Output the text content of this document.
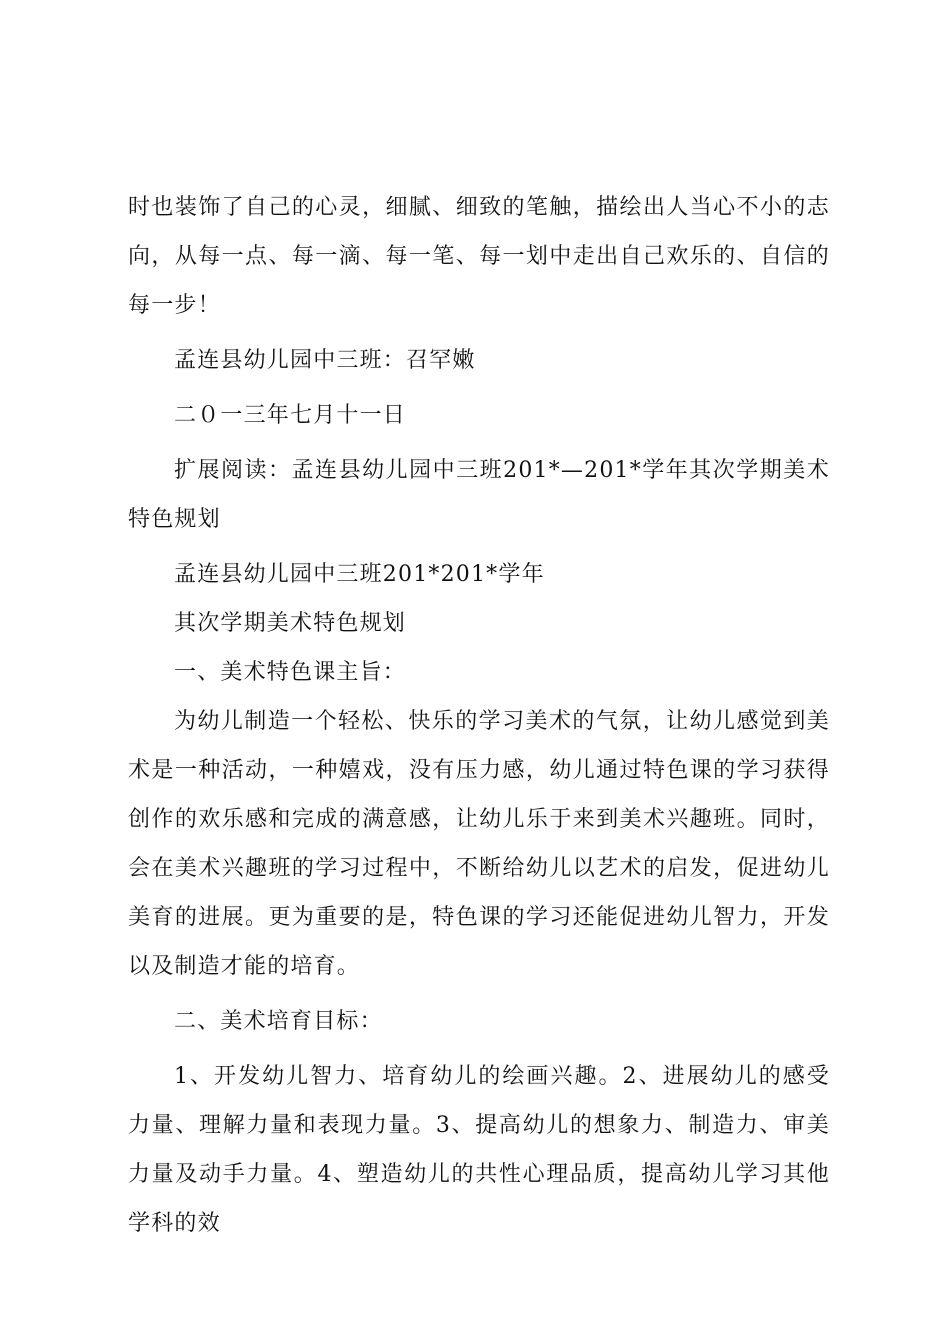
时也装饰了自己的心灵，细腻、细致的笔触，描绘出人当心不小的志向，从每一点、每一滴、每一笔、每一划中走出自己欢乐的、自信的每一步！

孟连县幼儿园中三班：召罕嫩

二０一三年七月十一日

扩展阅读：孟连县幼儿园中三班201*—201*学年其次学期美术特色规划

孟连县幼儿园中三班201*201*学年

其次学期美术特色规划

一、美术特色课主旨：

为幼儿制造一个轻松、快乐的学习美术的气氛，让幼儿感觉到美术是一种活动，一种嬉戏，没有压力感，幼儿通过特色课的学习获得创作的欢乐感和完成的满意感，让幼儿乐于来到美术兴趣班。同时，会在美术兴趣班的学习过程中，不断给幼儿以艺术的启发，促进幼儿美育的进展。更为重要的是，特色课的学习还能促进幼儿智力，开发以及制造才能的培育。

二、美术培育目标：

1、开发幼儿智力、培育幼儿的绘画兴趣。2、进展幼儿的感受力量、理解力量和表现力量。3、提高幼儿的想象力、制造力、审美力量及动手力量。4、塑造幼儿的共性心理品质，提高幼儿学习其他学科的效
